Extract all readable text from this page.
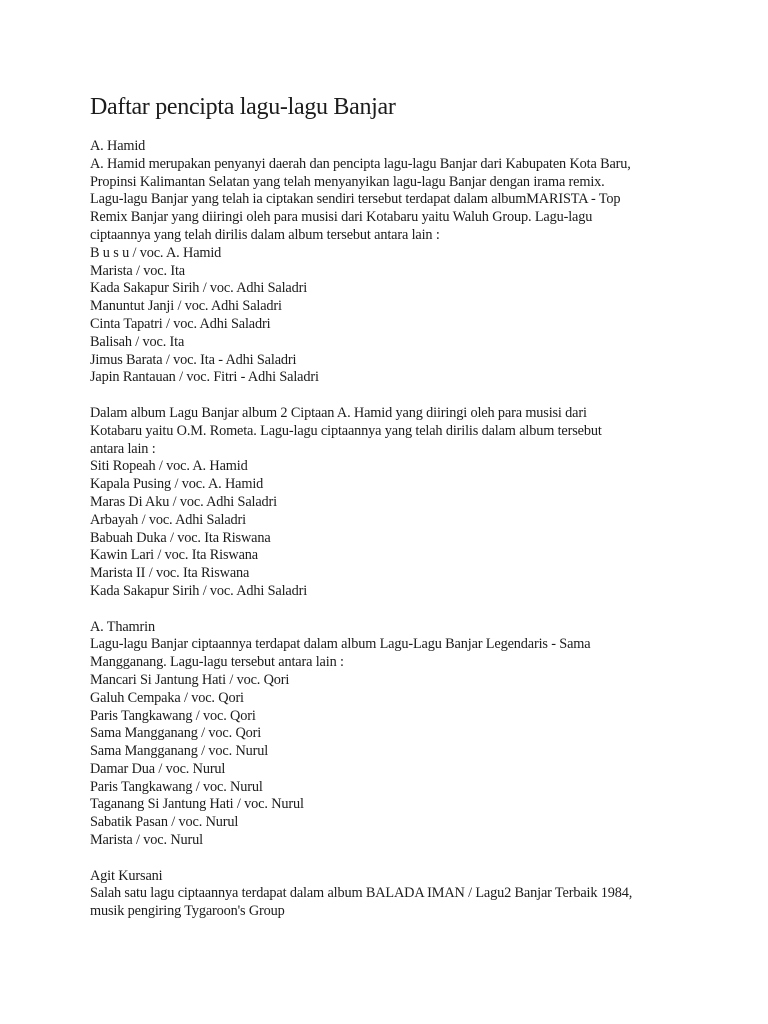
Daftar pencipta lagu-lagu Banjar
A. Hamid
A. Hamid merupakan penyanyi daerah dan pencipta lagu-lagu Banjar dari Kabupaten Kota Baru,
Propinsi Kalimantan Selatan yang telah menyanyikan lagu-lagu Banjar dengan irama remix.
Lagu-lagu Banjar yang telah ia ciptakan sendiri tersebut terdapat dalam albumMARISTA - Top
Remix Banjar yang diiringi oleh para musisi dari Kotabaru yaitu Waluh Group. Lagu-lagu
ciptaannya yang telah dirilis dalam album tersebut antara lain :
B u s u / voc. A. Hamid
Marista / voc. Ita
Kada Sakapur Sirih / voc. Adhi Saladri
Manuntut Janji / voc. Adhi Saladri
Cinta Tapatri / voc. Adhi Saladri
Balisah / voc. Ita
Jimus Barata / voc. Ita - Adhi Saladri
Japin Rantauan / voc. Fitri - Adhi Saladri
Dalam album Lagu Banjar album 2 Ciptaan A. Hamid yang diiringi oleh para musisi dari
Kotabaru yaitu O.M. Rometa. Lagu-lagu ciptaannya yang telah dirilis dalam album tersebut
antara lain :
Siti Ropeah / voc. A. Hamid
Kapala Pusing / voc. A. Hamid
Maras Di Aku / voc. Adhi Saladri
Arbayah / voc. Adhi Saladri
Babuah Duka / voc. Ita Riswana
Kawin Lari / voc. Ita Riswana
Marista II / voc. Ita Riswana
Kada Sakapur Sirih / voc. Adhi Saladri
A. Thamrin
Lagu-lagu Banjar ciptaannya terdapat dalam album Lagu-Lagu Banjar Legendaris - Sama
Mangganang. Lagu-lagu tersebut antara lain :
Mancari Si Jantung Hati / voc. Qori
Galuh Cempaka / voc. Qori
Paris Tangkawang / voc. Qori
Sama Mangganang / voc. Qori
Sama Mangganang / voc. Nurul
Damar Dua / voc. Nurul
Paris Tangkawang / voc. Nurul
Taganang Si Jantung Hati / voc. Nurul
Sabatik Pasan / voc. Nurul
Marista / voc. Nurul
Agit Kursani
Salah satu lagu ciptaannya terdapat dalam album BALADA IMAN / Lagu2 Banjar Terbaik 1984,
musik pengiring Tygaroon's Group
